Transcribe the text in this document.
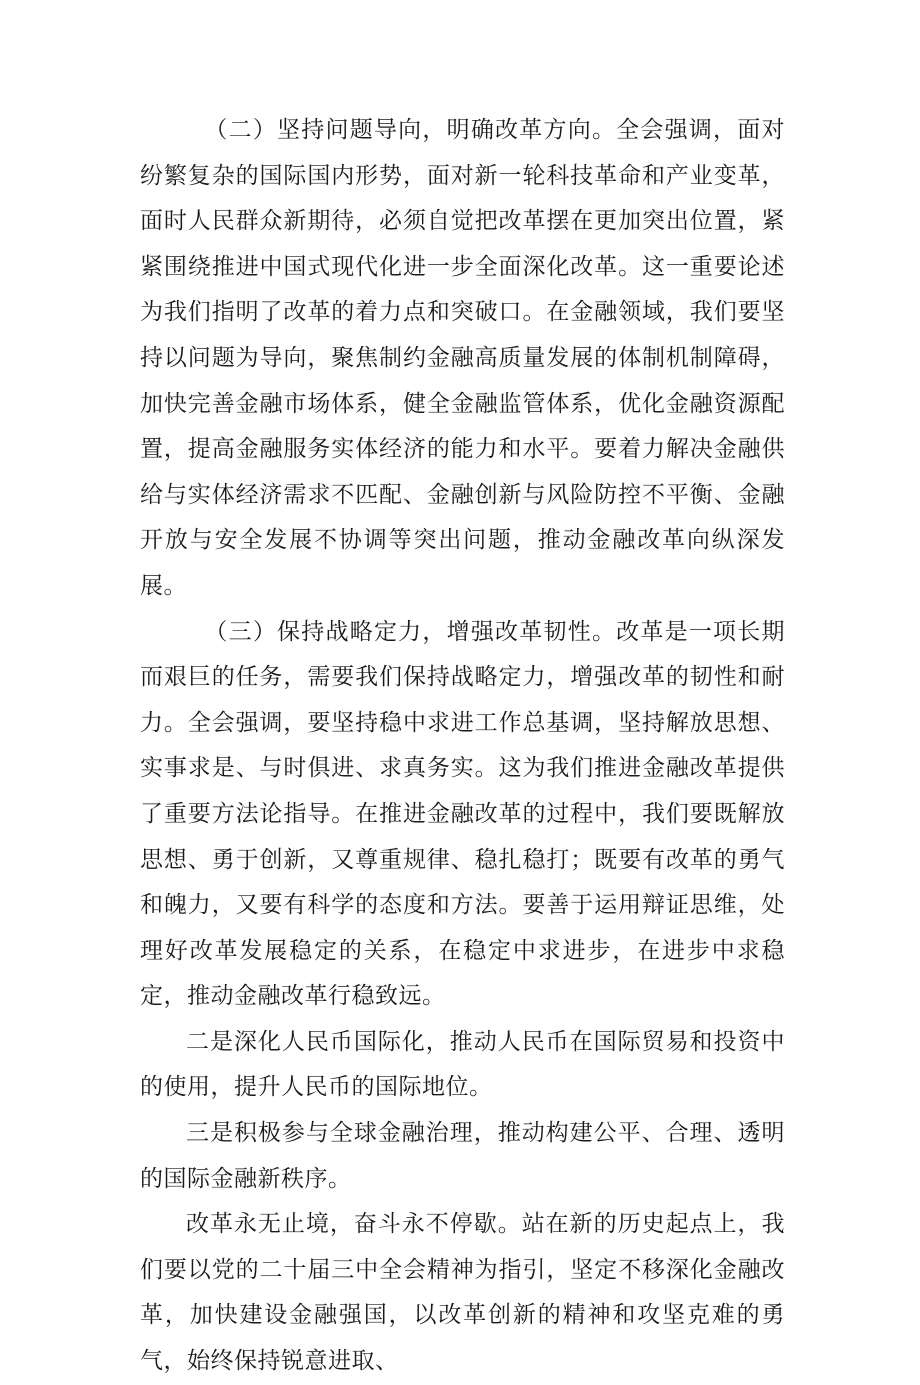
（二）坚持问题导向，明确改革方向。全会强调，面对纷繁复杂的国际国内形势，面对新一轮科技革命和产业变革，面时人民群众新期待，必须自觉把改革摆在更加突出位置，紧紧围绕推进中国式现代化进一步全面深化改革。这一重要论述为我们指明了改革的着力点和突破口。在金融领域，我们要坚持以问题为导向，聚焦制约金融高质量发展的体制机制障碍，加快完善金融市场体系，健全金融监管体系，优化金融资源配置，提高金融服务实体经济的能力和水平。要着力解决金融供给与实体经济需求不匹配、金融创新与风险防控不平衡、金融开放与安全发展不协调等突出问题，推动金融改革向纵深发展。

（三）保持战略定力，增强改革韧性。改革是一项长期而艰巨的任务，需要我们保持战略定力，增强改革的韧性和耐力。全会强调，要坚持稳中求进工作总基调，坚持解放思想、实事求是、与时俱进、求真务实。这为我们推进金融改革提供了重要方法论指导。在推进金融改革的过程中，我们要既解放思想、勇于创新，又尊重规律、稳扎稳打；既要有改革的勇气和魄力，又要有科学的态度和方法。要善于运用辩证思维，处理好改革发展稳定的关系，在稳定中求进步，在进步中求稳定，推动金融改革行稳致远。

二是深化人民币国际化，推动人民币在国际贸易和投资中的使用，提升人民币的国际地位。

三是积极参与全球金融治理，推动构建公平、合理、透明的国际金融新秩序。

改革永无止境，奋斗永不停歇。站在新的历史起点上，我们要以党的二十届三中全会精神为指引，坚定不移深化金融改革，加快建设金融强国，以改革创新的精神和攻坚克难的勇气，始终保持锐意进取、
